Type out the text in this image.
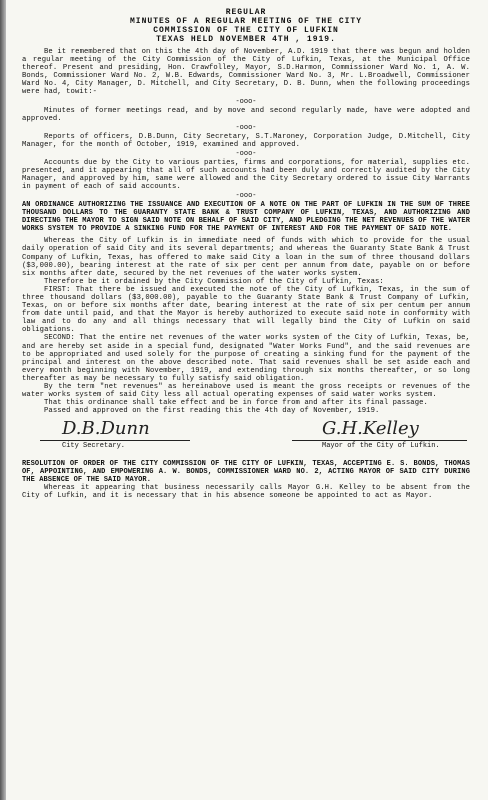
REGULAR
MINUTES OF A REGULAR MEETING OF THE CITY
COMMISSION OF THE CITY OF LUFKIN
TEXAS HELD NOVEMBER 4TH , 1919.

Be it remembered that on this the 4th day of November, A.D. 1919 that there was begun and holden a regular meeting of the City Commission of the City of Lufkin, Texas, at the Municipal Office thereof. Present and presiding, Hon. Crawfolley, Mayor, S.D.Harmon, Commissioner Ward No. 1, A. W. Bonds, Commissioner Ward No. 2, W.B. Edwards, Commissioner Ward No. 3, Mr. L.Broadwell, Commissioner Ward No. 4, City Manager, D. Mitchell, and City Secretary, D. B. Dunn, when the following proceedings were had, towit:-

-ooo-

Minutes of former meetings read, and by move and second regularly made, have were adopted and approved.

-ooo-

Reports of officers, D.B.Dunn, City Secretary, S.T.Maroney, Corporation Judge, D.Mitchell, City Manager, for the month of October, 1919, examined and approved.

-ooo-

Accounts due by the City to various parties, firms and corporations, for material, supplies etc. presented, and it appearing that all of such accounts had been duly and correctly audited by the City Manager, and approved by him, same were allowed and the City Secretary ordered to issue City Warrants in payment of each of said accounts.

-ooo-

AN ORDINANCE AUTHORIZING THE ISSUANCE AND EXECUTION OF A NOTE ON THE PART OF LUFKIN IN THE SUM OF THREE THOUSAND DOLLARS TO THE GUARANTY STATE BANK & TRUST COMPANY OF LUFKIN, TEXAS, AND AUTHORIZING AND DIRECTING THE MAYOR TO SIGN SAID NOTE ON BEHALF OF SAID CITY, AND PLEDGING THE NET REVENUES OF THE WATER WORKS SYSTEM TO PROVIDE A SINKING FUND FOR THE PAYMENT OF INTEREST AND FOR THE PAYMENT OF SAID NOTE.

Whereas the City of Lufkin is in immediate need of funds with which to provide for the usual daily operation of said City and its several departments; and whereas the Guaranty State Bank & Trust Company of Lufkin, Texas, has offered to make said City a loan in the sum of three thousand dollars ($3,000.00), bearing interest at the rate of six per cent per annum from date, payable on or before six months after date, secured by the net revenues of the water works system.

Therefore be it ordained by the City Commission of the City of Lufkin, Texas:

FIRST: That there be issued and executed the note of the City of Lufkin, Texas, in the sum of three thousand dollars ($3,000.00), payable to the Guaranty State Bank & Trust Company of Lufkin, Texas, on or before six months after date, bearing interest at the rate of six per centum per annum from date until paid, and that the Mayor is hereby authorized to execute said note in conformity with law and to do any and all things necessary that will legally bind the City of Lufkin on said obligations.

SECOND: That the entire net revenues of the water works system of the City of Lufkin, Texas, be, and are hereby set aside in a special fund, designated "Water Works Fund", and the said revenues are to be appropriated and used solely for the purpose of creating a sinking fund for the payment of the principal and interest on the above described note. That said revenues shall be set aside each and every month beginning with November, 1919, and extending through six months thereafter, or so long thereafter as may be necessary to fully satisfy said obligation.

By the term "net revenues" as hereinabove used is meant the gross receipts or revenues of the water works system of said City less all actual operating expenses of said water works system.

That this ordinance shall take effect and be in force from and after its final passage.

Passed and approved on the first reading this the 4th day of November, 1919.

D.B.Dunn
City Secretary.
G.H.Kelley
Mayor of the City of Lufkin.

RESOLUTION OF ORDER OF THE CITY COMMISSION OF THE CITY OF LUFKIN, TEXAS, ACCEPTING E. S. BONDS, THOMAS OF, APPOINTING, AND EMPOWERING A. W. BONDS, COMMISSIONER WARD NO. 2, ACTING MAYOR OF SAID CITY DURING THE ABSENCE OF THE SAID MAYOR.

Whereas it appearing that business necessarily calls Mayor G.H. Kelley to be absent from the City of Lufkin, and it is necessary that in his absence someone be appointed to act as Mayor.
